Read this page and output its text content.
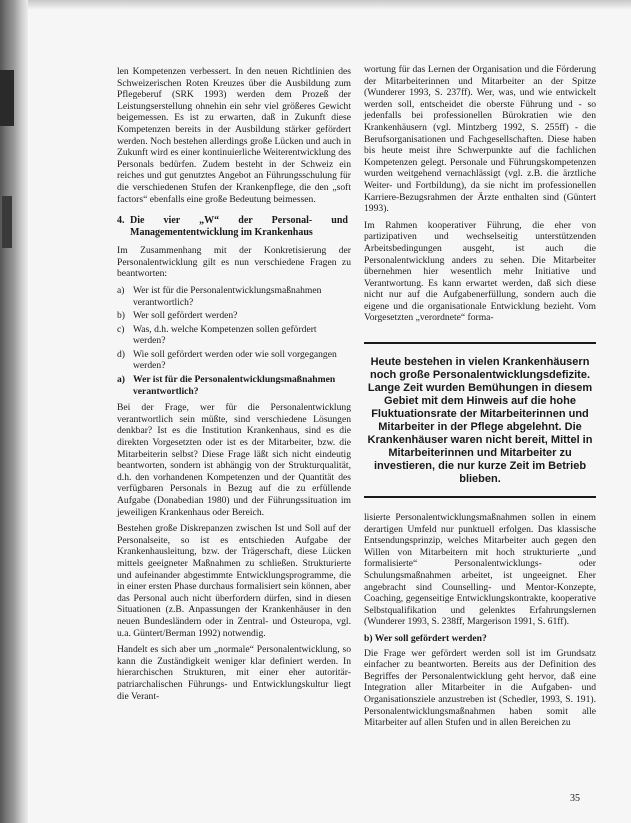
len Kompetenzen verbessert. In den neuen Richtlinien des Schweizerischen Roten Kreuzes über die Ausbildung zum Pflegeberuf (SRK 1993) werden dem Prozeß der Leistungserstellung ohnehin ein sehr viel größeres Gewicht beigemessen. Es ist zu erwarten, daß in Zukunft diese Kompetenzen bereits in der Ausbildung stärker gefördert werden. Noch bestehen allerdings große Lücken und auch in Zukunft wird es einer kontinuierliche Weiterentwicklung des Personals bedürfen. Zudem besteht in der Schweiz ein reiches und gut genutztes Angebot an Führungsschulung für die verschiedenen Stufen der Krankenpflege, die den „soft factors“ ebenfalls eine große Bedeutung beimessen.

4. Die vier „W“ der Personal- und Managemententwicklung im Krankenhaus

Im Zusammenhang mit der Konkretisierung der Personalentwicklung gilt es nun verschiedene Fragen zu beantworten:

a) Wer ist für die Personalentwicklungsmaßnahmen verantwortlich?
b) Wer soll gefördert werden?
c) Was, d.h. welche Kompetenzen sollen gefördert werden?
d) Wie soll gefördert werden oder wie soll vorgegangen werden?
a) Wer ist für die Personalentwicklungsmaßnahmen verantwortlich?

Bei der Frage, wer für die Personalentwicklung verantwortlich sein müßte, sind verschiedene Lösungen denkbar? Ist es die Institution Krankenhaus, sind es die direkten Vorgesetzten oder ist es der Mitarbeiter, bzw. die Mitarbeiterin selbst? Diese Frage läßt sich nicht eindeutig beantworten, sondern ist abhängig von der Strukturqualität, d.h. den vorhandenen Kompetenzen und der Quantität des verfügbaren Personals in Bezug auf die zu erfüllende Aufgabe (Donabedian 1980) und der Führungssituation im jeweiligen Krankenhaus oder Bereich.

Bestehen große Diskrepanzen zwischen Ist und Soll auf der Personalseite, so ist es entschieden Aufgabe der Krankenhausleitung, bzw. der Trägerschaft, diese Lücken mittels geeigneter Maßnahmen zu schließen. Strukturierte und aufeinander abgestimmte Entwicklungsprogramme, die in einer ersten Phase durchaus formalisiert sein können, aber das Personal auch nicht überfordern dürfen, sind in diesen Situationen (z.B. Anpassungen der Krankenhäuser in den neuen Bundesländern oder in Zentral- und Osteuropa, vgl. u.a. Güntert/Berman 1992) notwendig.

Handelt es sich aber um „normale“ Personalentwicklung, so kann die Zuständigkeit weniger klar definiert werden. In hierarchischen Strukturen, mit einer eher autoritär-patriarchalischen Führungs- und Entwicklungskultur liegt die Verant-

wortung für das Lernen der Organisation und die Förderung der Mitarbeiterinnen und Mitarbeiter an der Spitze (Wunderer 1993, S. 237ff). Wer, was, und wie entwickelt werden soll, entscheidet die oberste Führung und - so jedenfalls bei professionellen Bürokratien wie den Krankenhäusern (vgl. Mintzberg 1992, S. 255ff) - die Berufsorganisationen und Fachgesellschaften. Diese haben bis heute meist ihre Schwerpunkte auf die fachlichen Kompetenzen gelegt. Personale und Führungskompetenzen wurden weitgehend vernachlässigt (vgl. z.B. die ärztliche Weiter- und Fortbildung), da sie nicht im professionellen Karriere-Bezugsrahmen der Ärzte enthalten sind (Güntert 1993).

Im Rahmen kooperativer Führung, die eher von partizipativen und wechselseitig unterstützenden Arbeitsbedingungen ausgeht, ist auch die Personalentwicklung anders zu sehen. Die Mitarbeiter übernehmen hier wesentlich mehr Initiative und Verantwortung. Es kann erwartet werden, daß sich diese nicht nur auf die Aufgabenerfüllung, sondern auch die eigene und die organisationale Entwicklung bezieht. Vom Vorgesetzten „verordnete“ forma-

Heute bestehen in vielen Krankenhäusern noch große Personalentwicklungsdefizite. Lange Zeit wurden Bemühungen in diesem Gebiet mit dem Hinweis auf die hohe Fluktuationsrate der Mitarbeiterinnen und Mitarbeiter in der Pflege abgelehnt. Die Krankenhäuser waren nicht bereit, Mittel in Mitarbeiterinnen und Mitarbeiter zu investieren, die nur kurze Zeit im Betrieb blieben.

lisierte Personalentwicklungsmaßnahmen sollen in einem derartigen Umfeld nur punktuell erfolgen. Das klassische Entsendungsprinzip, welches Mitarbeiter auch gegen den Willen von Mitarbeitern mit hoch strukturierte „und formalisierte“ Personalentwicklungs- oder Schulungsmaßnahmen arbeitet, ist ungeeignet. Eher angebracht sind Counselling- und Mentor-Konzepte, Coaching, gegenseitige Entwicklungskontrakte, kooperative Selbstqualifikation und gelenktes Erfahrungslernen (Wunderer 1993, S. 238ff, Margerison 1991, S. 61ff).

b) Wer soll gefördert werden?

Die Frage wer gefördert werden soll ist im Grundsatz einfacher zu beantworten. Bereits aus der Definition des Begriffes der Personalentwicklung geht hervor, daß eine Integration aller Mitarbeiter in die Aufgaben- und Organisationsziele anzustreben ist (Schedler, 1993, S. 191). Personalentwicklungsmaßnahmen haben somit alle Mitarbeiter auf allen Stufen und in allen Bereichen zu

35
